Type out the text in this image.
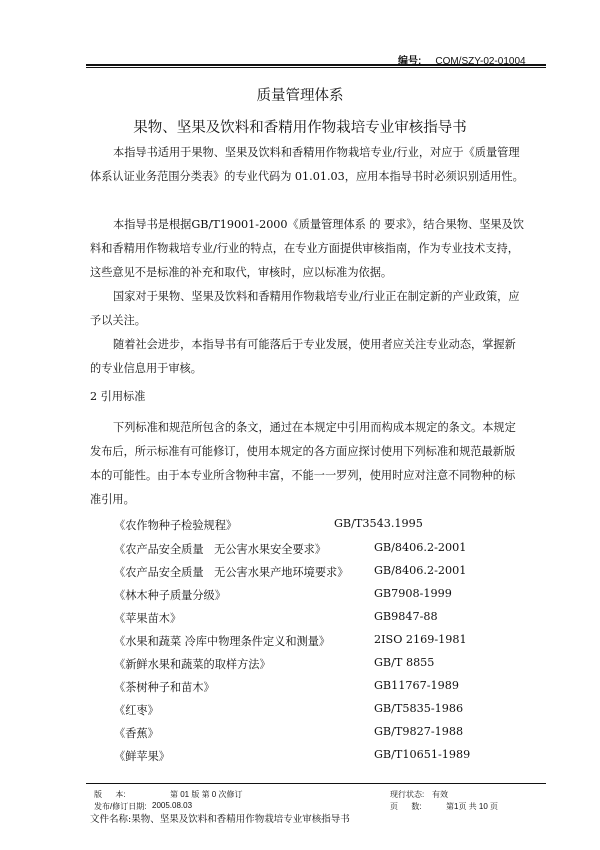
编号: CQM/SZY-02-01004
质量管理体系
果物、坚果及饮料和香精用作物栽培专业审核指导书

本指导书适用于果物、坚果及饮料和香精用作物栽培专业/行业，对应于《质量管理体系认证业务范围分类表》的专业代码为 01.01.03，应用本指导书时必须识别适用性。

本指导书是根据GB/T19001-2000《质量管理体系 的 要求》，结合果物、坚果及饮料和香精用作物栽培专业/行业的特点，在专业方面提供审核指南，作为专业技术支持，这些意见不是标准的补充和取代，审核时，应以标准为依据。

国家对于果物、坚果及饮料和香精用作物栽培专业/行业正在制定新的产业政策，应予以关注。

随着社会进步，本指导书有可能落后于专业发展，使用者应关注专业动态，掌握新的专业信息用于审核。

2 引用标准

下列标准和规范所包含的条文，通过在本规定中引用而构成本规定的条文。本规定发布后，所示标准有可能修订，使用本规定的各方面应探讨使用下列标准和规范最新版本的可能性。由于本专业所含物种丰富，不能一一罗列，使用时应对注意不同物种的标准引用。

《农作物种子检验规程》	GB/T3543.1995
《农产品安全质量   无公害水果安全要求》	GB/8406.2-2001
《农产品安全质量   无公害水果产地环境要求》 GB/8406.2-2001
《林木种子质量分级》	GB7908-1999
《苹果苗木》	GB9847-88
《水果和蔬菜 冷库中物理条件定义和测量》	2ISO 2169-1981
《新鲜水果和蔬菜的取样方法》	GB/T 8855
《茶树种子和苗木》	GB11767-1989
《红枣》	GB/T5835-1986
《香蕉》	GB/T9827-1988
《鲜苹果》	GB/T10651-1989
版      本:	第 01 版 第 0 次修订	现行状态: 有效
发布/修订日期: 2005.08.03	页      数:	第1页 共 10 页
文件名称:果物、坚果及饮料和香精用作物栽培专业审核指导书
